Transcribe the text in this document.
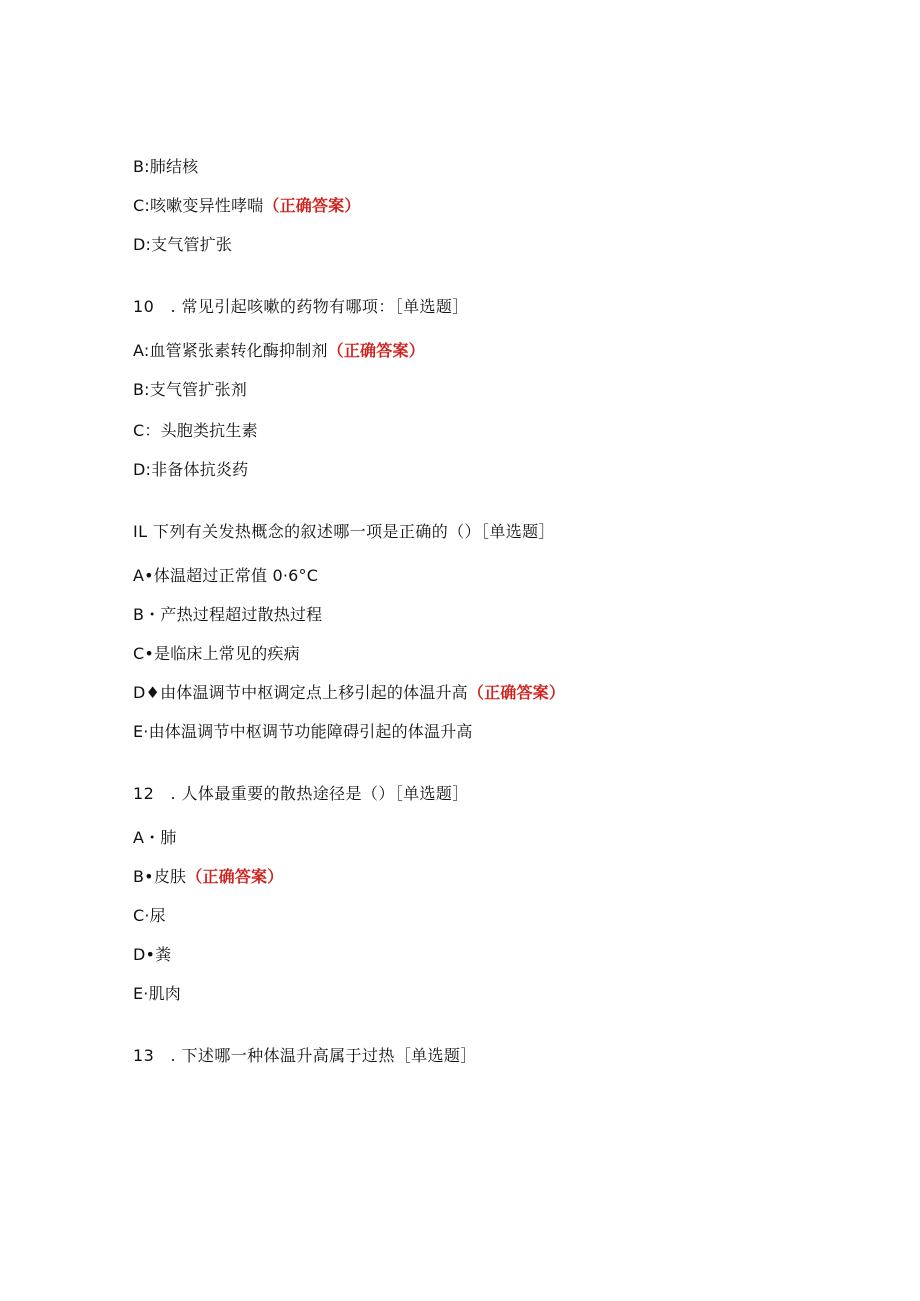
B:肺结核
C:咳嗽变异性哮喘（正确答案）
D:支气管扩张
10　. 常见引起咳嗽的药物有哪项：［单选题］
A:血管紧张素转化酶抑制剂（正确答案）
B:支气管扩张剂
C：头胞类抗生素
D:非备体抗炎药
IL 下列有关发热概念的叙述哪一项是正确的（）［单选题］
A•体温超过正常值 0·6°C
B・产热过程超过散热过程
C•是临床上常见的疾病
D♦由体温调节中枢调定点上移引起的体温升高（正确答案）
E·由体温调节中枢调节功能障碍引起的体温升高
12　. 人体最重要的散热途径是（）［单选题］
A・肺
B•皮肤（正确答案）
C·尿
D•粪
E·肌肉
13　. 下述哪一种体温升高属于过热［单选题］
